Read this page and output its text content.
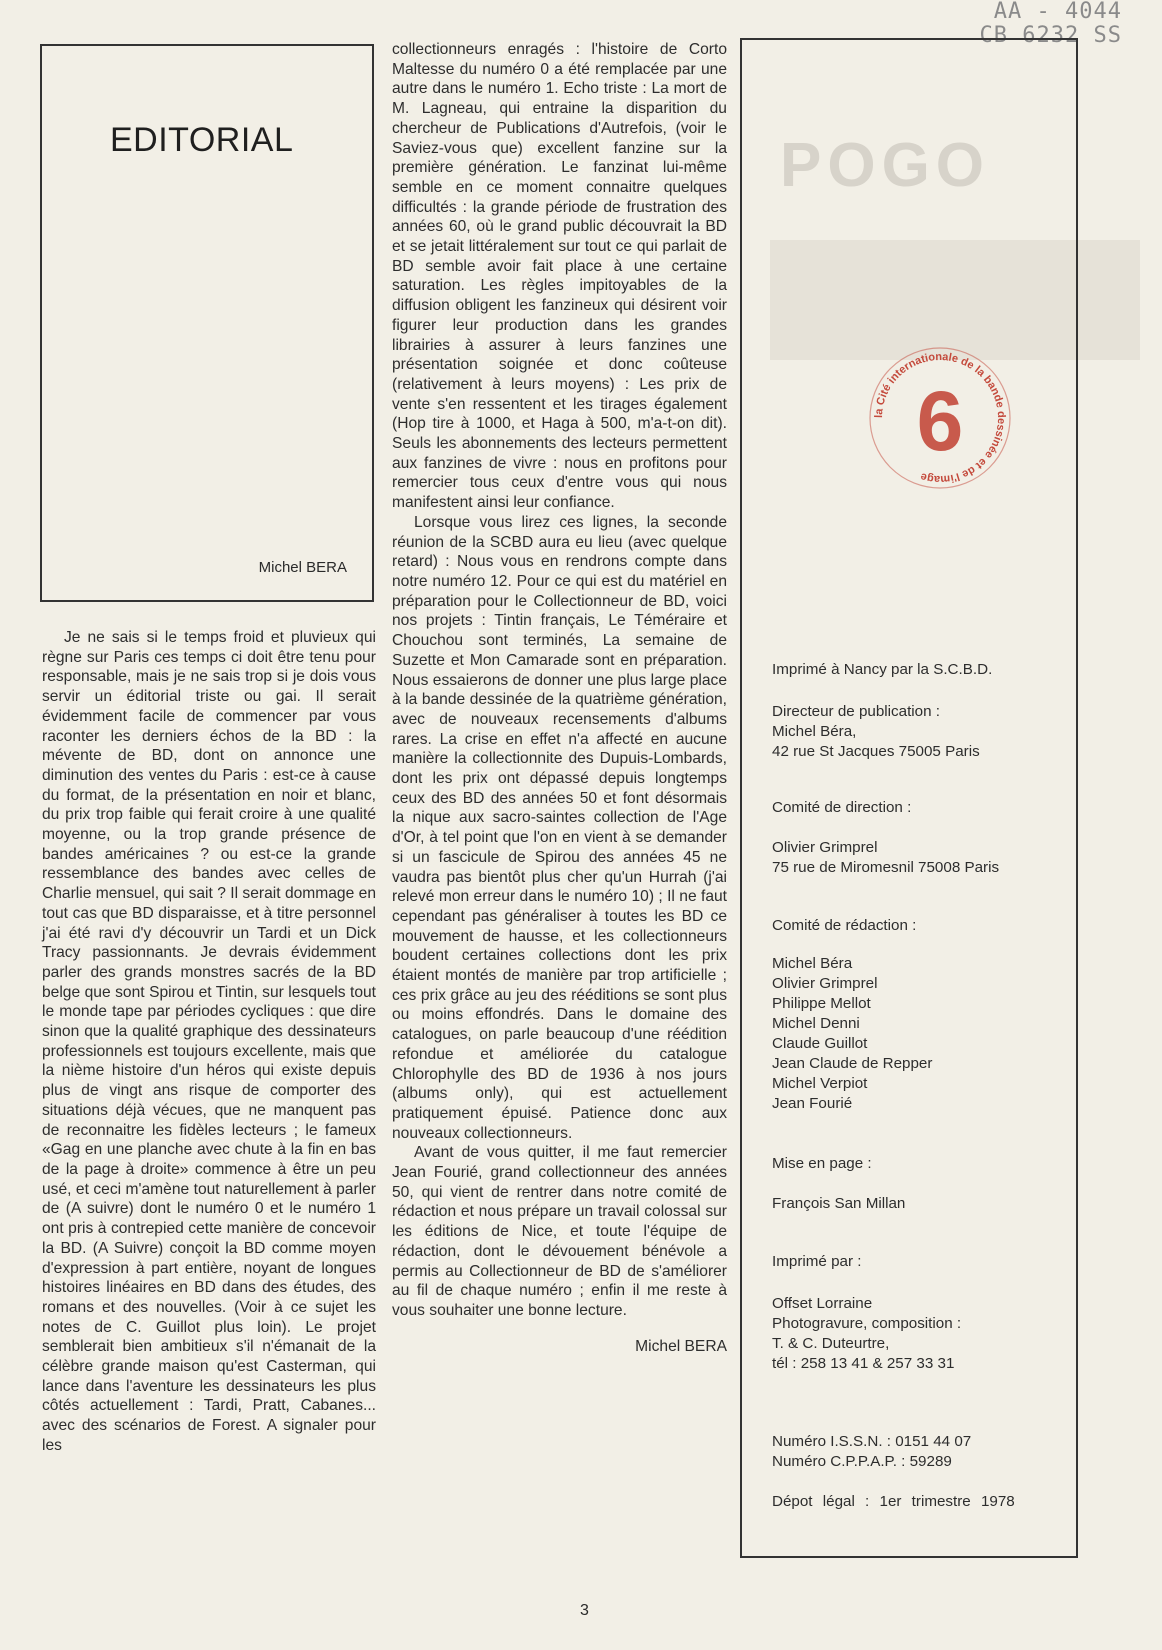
POGO
AA - 4044
CB 6232 SS
EDITORIAL
Michel BERA

Je ne sais si le temps froid et pluvieux qui règne sur Paris ces temps ci doit être tenu pour responsable, mais je ne sais trop si je dois vous servir un éditorial triste ou gai. Il serait évidemment facile de commencer par vous raconter les derniers échos de la BD : la mévente de BD, dont on annonce une diminution des ventes du Paris : est-ce à cause du format, de la présentation en noir et blanc, du prix trop faible qui ferait croire à une qualité moyenne, ou la trop grande présence de bandes américaines ? ou est-ce la grande ressemblance des bandes avec celles de Charlie mensuel, qui sait ? Il serait dommage en tout cas que BD disparaisse, et à titre personnel j'ai été ravi d'y découvrir un Tardi et un Dick Tracy passionnants. Je devrais évidemment parler des grands monstres sacrés de la BD belge que sont Spirou et Tintin, sur lesquels tout le monde tape par périodes cycliques : que dire sinon que la qualité graphique des dessinateurs professionnels est toujours excellente, mais que la nième histoire d'un héros qui existe depuis plus de vingt ans risque de comporter des situations déjà vécues, que ne manquent pas de reconnaitre les fidèles lecteurs ; le fameux «Gag en une planche avec chute à la fin en bas de la page à droite» commence à être un peu usé, et ceci m'amène tout naturellement à parler de (A suivre) dont le numéro 0 et le numéro 1 ont pris à contrepied cette manière de concevoir la BD. (A Suivre) conçoit la BD comme moyen d'expression à part entière, noyant de longues histoires linéaires en BD dans des études, des romans et des nouvelles. (Voir à ce sujet les notes de C. Guillot plus loin). Le projet semblerait bien ambitieux s'il n'émanait de la célèbre grande maison qu'est Casterman, qui lance dans l'aventure les dessinateurs les plus côtés actuellement : Tardi, Pratt, Cabanes... avec des scénarios de Forest. A signaler pour les

collectionneurs enragés : l'histoire de Corto Maltesse du numéro 0 a été remplacée par une autre dans le numéro 1. Echo triste : La mort de M. Lagneau, qui entraine la disparition du chercheur de Publications d'Autrefois, (voir le Saviez-vous que) excellent fanzine sur la première génération. Le fanzinat lui-même semble en ce moment connaitre quelques difficultés : la grande période de frustration des années 60, où le grand public découvrait la BD et se jetait littéralement sur tout ce qui parlait de BD semble avoir fait place à une certaine saturation. Les règles impitoyables de la diffusion obligent les fanzineux qui désirent voir figurer leur production dans les grandes librairies à assurer à leurs fanzines une présentation soignée et donc coûteuse (relativement à leurs moyens) : Les prix de vente s'en ressentent et les tirages également (Hop tire à 1000, et Haga à 500, m'a-t-on dit). Seuls les abonnements des lecteurs permettent aux fanzines de vivre : nous en profitons pour remercier tous ceux d'entre vous qui nous manifestent ainsi leur confiance.

Lorsque vous lirez ces lignes, la seconde réunion de la SCBD aura eu lieu (avec quelque retard) : Nous vous en rendrons compte dans notre numéro 12. Pour ce qui est du matériel en préparation pour le Collectionneur de BD, voici nos projets : Tintin français, Le Téméraire et Chouchou sont terminés, La semaine de Suzette et Mon Camarade sont en préparation. Nous essaierons de donner une plus large place à la bande dessinée de la quatrième génération, avec de nouveaux recensements d'albums rares. La crise en effet n'a affecté en aucune manière la collectionnite des Dupuis-Lombards, dont les prix ont dépassé depuis longtemps ceux des BD des années 50 et font désormais la nique aux sacro-saintes collection de l'Age d'Or, à tel point que l'on en vient à se demander si un fascicule de Spirou des années 45 ne vaudra pas bientôt plus cher qu'un Hurrah (j'ai relevé mon erreur dans le numéro 10) ; Il ne faut cependant pas généraliser à toutes les BD ce mouvement de hausse, et les collectionneurs boudent certaines collections dont les prix étaient montés de manière par trop artificielle ; ces prix grâce au jeu des rééditions se sont plus ou moins effondrés. Dans le domaine des catalogues, on parle beaucoup d'une réédition refondue et améliorée du catalogue Chlorophylle des BD de 1936 à nos jours (albums only), qui est actuellement pratiquement épuisé. Patience donc aux nouveaux collectionneurs.

Avant de vous quitter, il me faut remercier Jean Fourié, grand collectionneur des années 50, qui vient de rentrer dans notre comité de rédaction et nous prépare un travail colossal sur les éditions de Nice, et toute l'équipe de rédaction, dont le dévouement bénévole a permis au Collectionneur de BD de s'améliorer au fil de chaque numéro ; enfin il me reste à vous souhaiter une bonne lecture.

Michel BERA
la Cité internationale de la bande dessinée et de l'image
6
Imprimé à Nancy par la S.C.B.D.
Directeur de publication :
Michel Béra,
42 rue St Jacques 75005 Paris
Comité de direction :
Olivier Grimprel
75 rue de Miromesnil 75008 Paris
Comité de rédaction :
Michel Béra
Olivier Grimprel
Philippe Mellot
Michel Denni
Claude Guillot
Jean Claude de Repper
Michel Verpiot
Jean Fourié
Mise en page :
François San Millan
Imprimé par :
Offset Lorraine
Photogravure, composition :
T. & C. Duteurtre,
tél : 258 13 41 & 257 33 31
Numéro I.S.S.N. : 0151 44 07
Numéro C.P.P.A.P. : 59289
Dépot légal : 1er trimestre 1978
3
